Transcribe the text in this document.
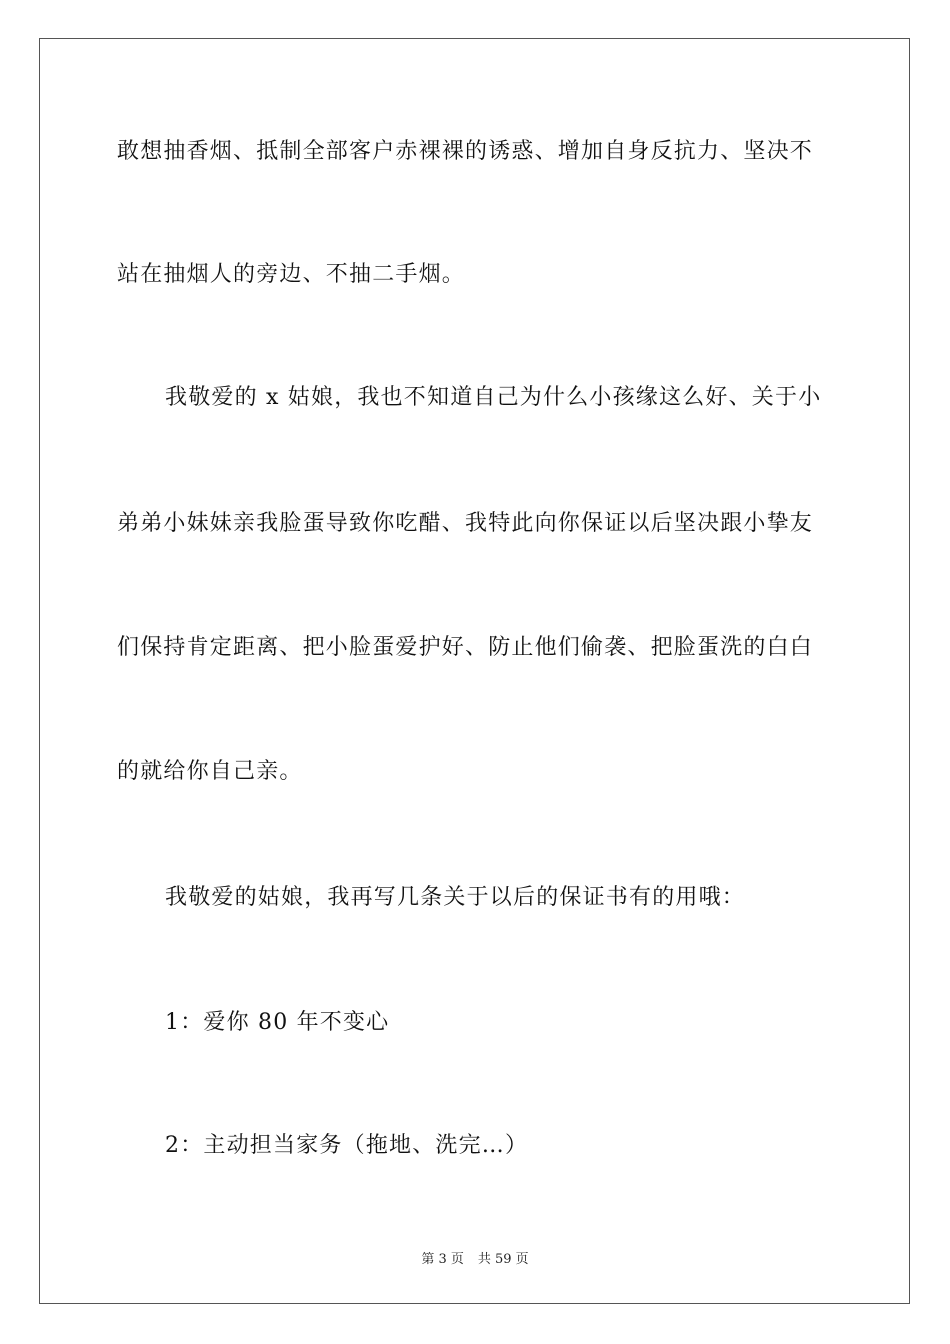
敢想抽香烟、抵制全部客户赤裸裸的诱惑、增加自身反抗力、坚决不
站在抽烟人的旁边、不抽二手烟。
我敬爱的 x 姑娘，我也不知道自己为什么小孩缘这么好、关于小
弟弟小妹妹亲我脸蛋导致你吃醋、我特此向你保证以后坚决跟小挚友
们保持肯定距离、把小脸蛋爱护好、防止他们偷袭、把脸蛋洗的白白
的就给你自己亲。
我敬爱的姑娘，我再写几条关于以后的保证书有的用哦：
1：爱你 80 年不变心
2：主动担当家务（拖地、洗完…）
第 3 页 共 59 页
